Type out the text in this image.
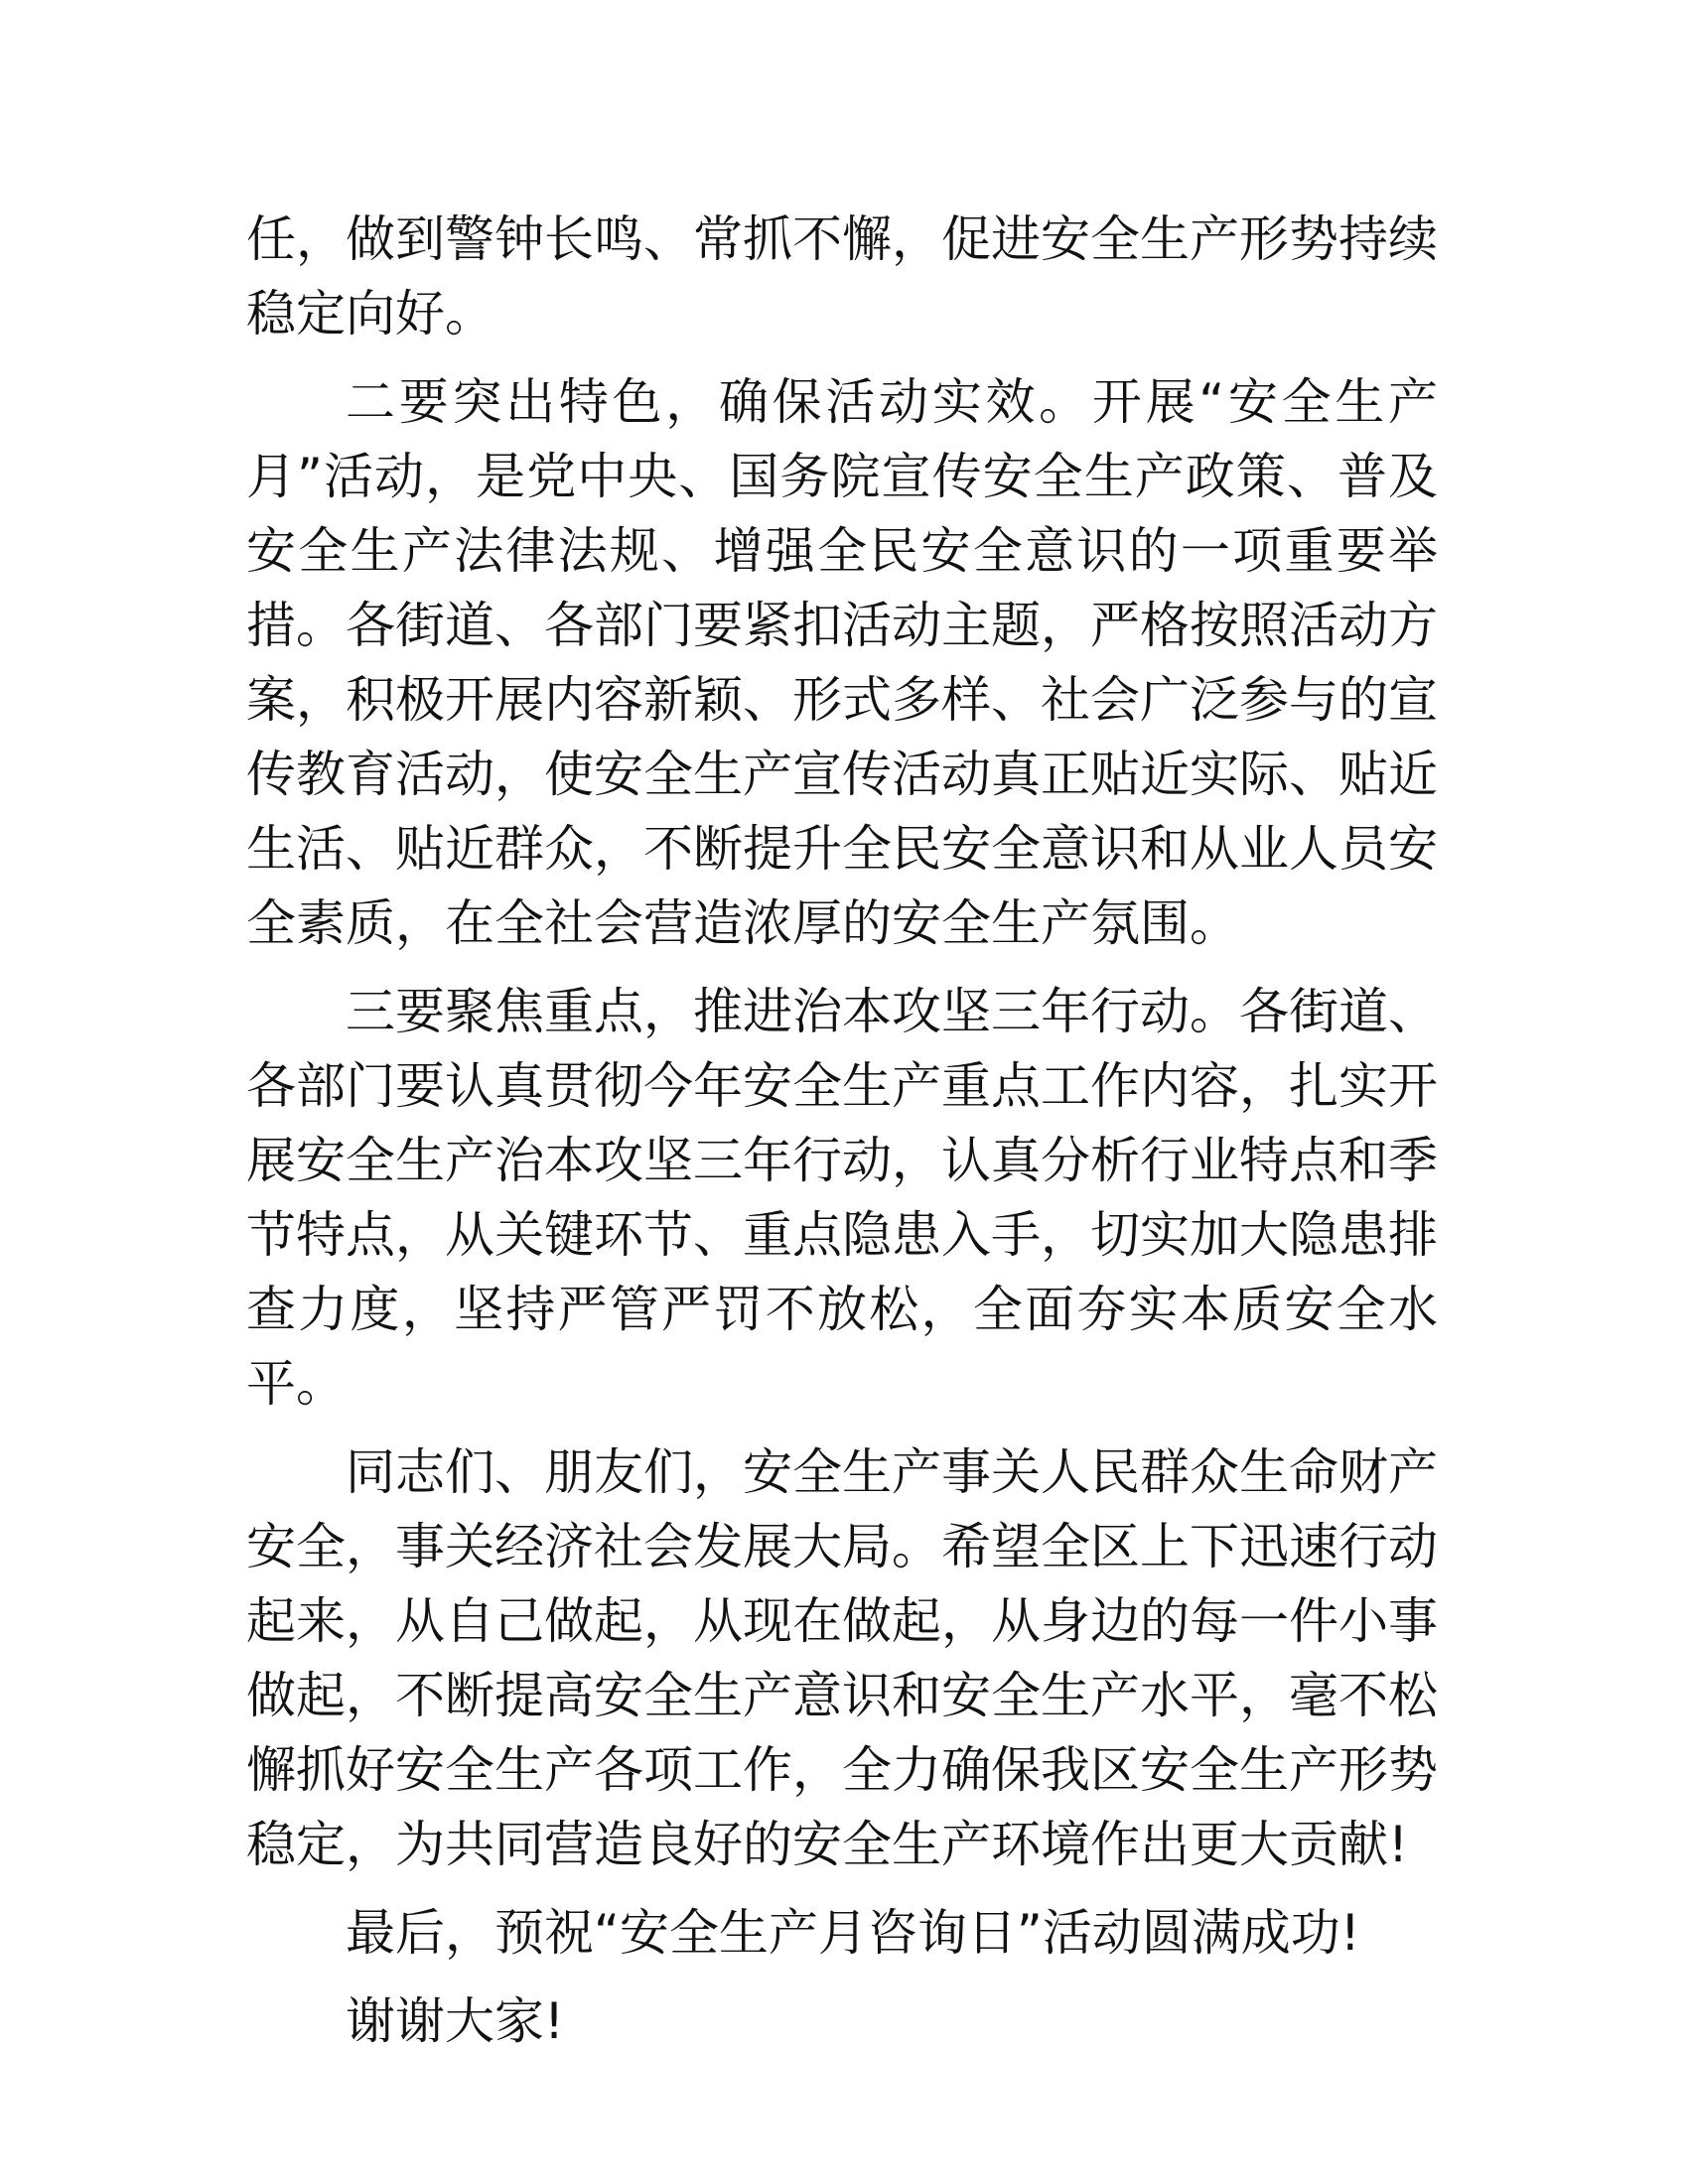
任，做到警钟长鸣、常抓不懈，促进安全生产形势持续稳定向好。

二要突出特色，确保活动实效。开展“安全生产月”活动，是党中央、国务院宣传安全生产政策、普及安全生产法律法规、增强全民安全意识的一项重要举措。各街道、各部门要紧扣活动主题，严格按照活动方案，积极开展内容新颖、形式多样、社会广泛参与的宣传教育活动，使安全生产宣传活动真正贴近实际、贴近生活、贴近群众，不断提升全民安全意识和从业人员安全素质，在全社会营造浓厚的安全生产氛围。

三要聚焦重点，推进治本攻坚三年行动。各街道、各部门要认真贯彻今年安全生产重点工作内容，扎实开展安全生产治本攻坚三年行动，认真分析行业特点和季节特点，从关键环节、重点隐患入手，切实加大隐患排查力度，坚持严管严罚不放松，全面夯实本质安全水平。

同志们、朋友们，安全生产事关人民群众生命财产安全，事关经济社会发展大局。希望全区上下迅速行动起来，从自己做起，从现在做起，从身边的每一件小事做起，不断提高安全生产意识和安全生产水平，毫不松懈抓好安全生产各项工作，全力确保我区安全生产形势稳定，为共同营造良好的安全生产环境作出更大贡献!

最后，预祝“安全生产月咨询日”活动圆满成功!

谢谢大家!
